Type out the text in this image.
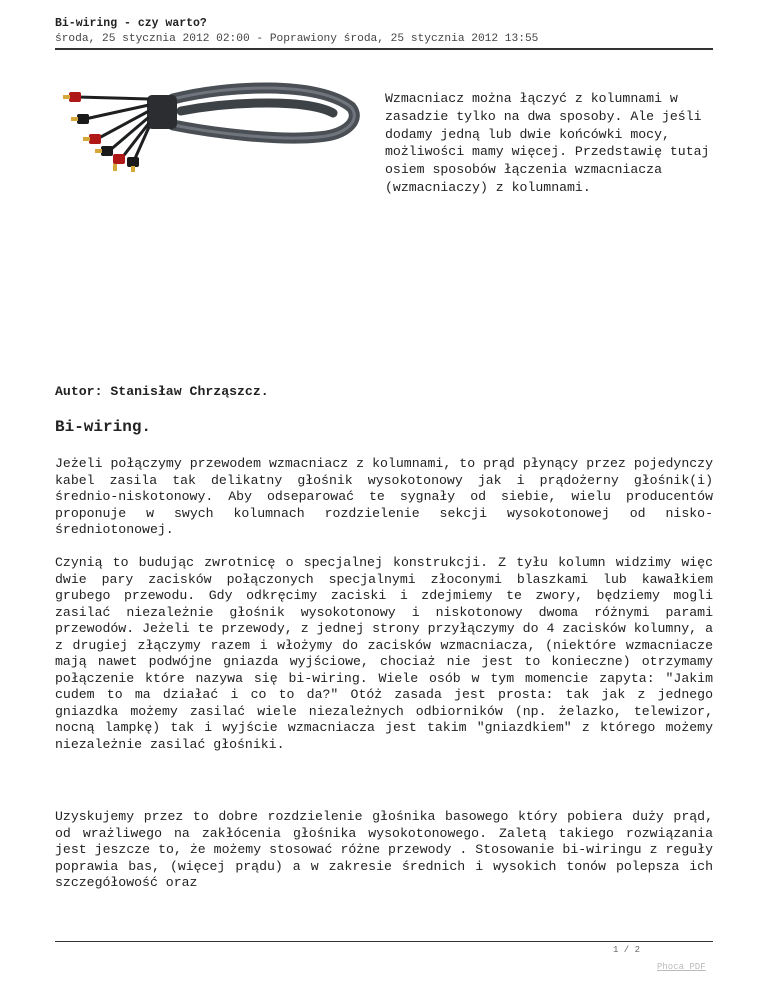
Bi-wiring - czy warto?
środa, 25 stycznia 2012 02:00 - Poprawiony środa, 25 stycznia 2012 13:55

Wzmacniacz można łączyć z kolumnami w zasadzie tylko na dwa sposoby. Ale jeśli dodamy jedną lub dwie końcówki mocy, możliwości mamy więcej. Przedstawię tutaj osiem sposobów łączenia wzmacniacza (wzmacniaczy) z kolumnami.

Autor: Stanisław Chrząszcz.

Bi-wiring.

Jeżeli połączymy przewodem wzmacniacz z kolumnami, to prąd płynący przez pojedynczy kabel zasila tak delikatny głośnik wysokotonowy jak i prądożerny głośnik(i) średnio-niskotonowy. Aby odseparować te sygnały od siebie, wielu producentów proponuje w swych kolumnach rozdzielenie sekcji wysokotonowej od nisko-średniotonowej.

Czynią to budując zwrotnicę o specjalnej konstrukcji. Z tyłu kolumn widzimy więc dwie pary zacisków połączonych specjalnymi złoconymi blaszkami lub kawałkiem grubego przewodu. Gdy odkręcimy zaciski i zdejmiemy te zwory, będziemy mogli zasilać niezależnie głośnik wysokotonowy i niskotonowy dwoma różnymi parami przewodów. Jeżeli te przewody, z jednej strony przyłączymy do 4 zacisków kolumny, a z drugiej złączymy razem i włożymy do zacisków wzmacniacza, (niektóre wzmacniacze mają nawet podwójne gniazda wyjściowe, chociaż nie jest to konieczne) otrzymamy połączenie które nazywa się bi-wiring. Wiele osób w tym momencie zapyta: "Jakim cudem to ma działać i co to da?" Otóż zasada jest prosta: tak jak z jednego gniazdka możemy zasilać wiele niezależnych odbiorników (np. żelazko, telewizor, nocną lampkę) tak i wyjście wzmacniacza jest takim "gniazdkiem" z którego możemy niezależnie zasilać głośniki.

Uzyskujemy przez to dobre rozdzielenie głośnika basowego który pobiera duży prąd, od wrażliwego na zakłócenia głośnika wysokotonowego. Zaletą takiego rozwiązania jest jeszcze to, że możemy stosować różne przewody . Stosowanie bi-wiringu z reguły poprawia bas, (więcej prądu) a w zakresie średnich i wysokich tonów polepsza ich szczegółowość oraz

1 / 2
Phoca PDF
